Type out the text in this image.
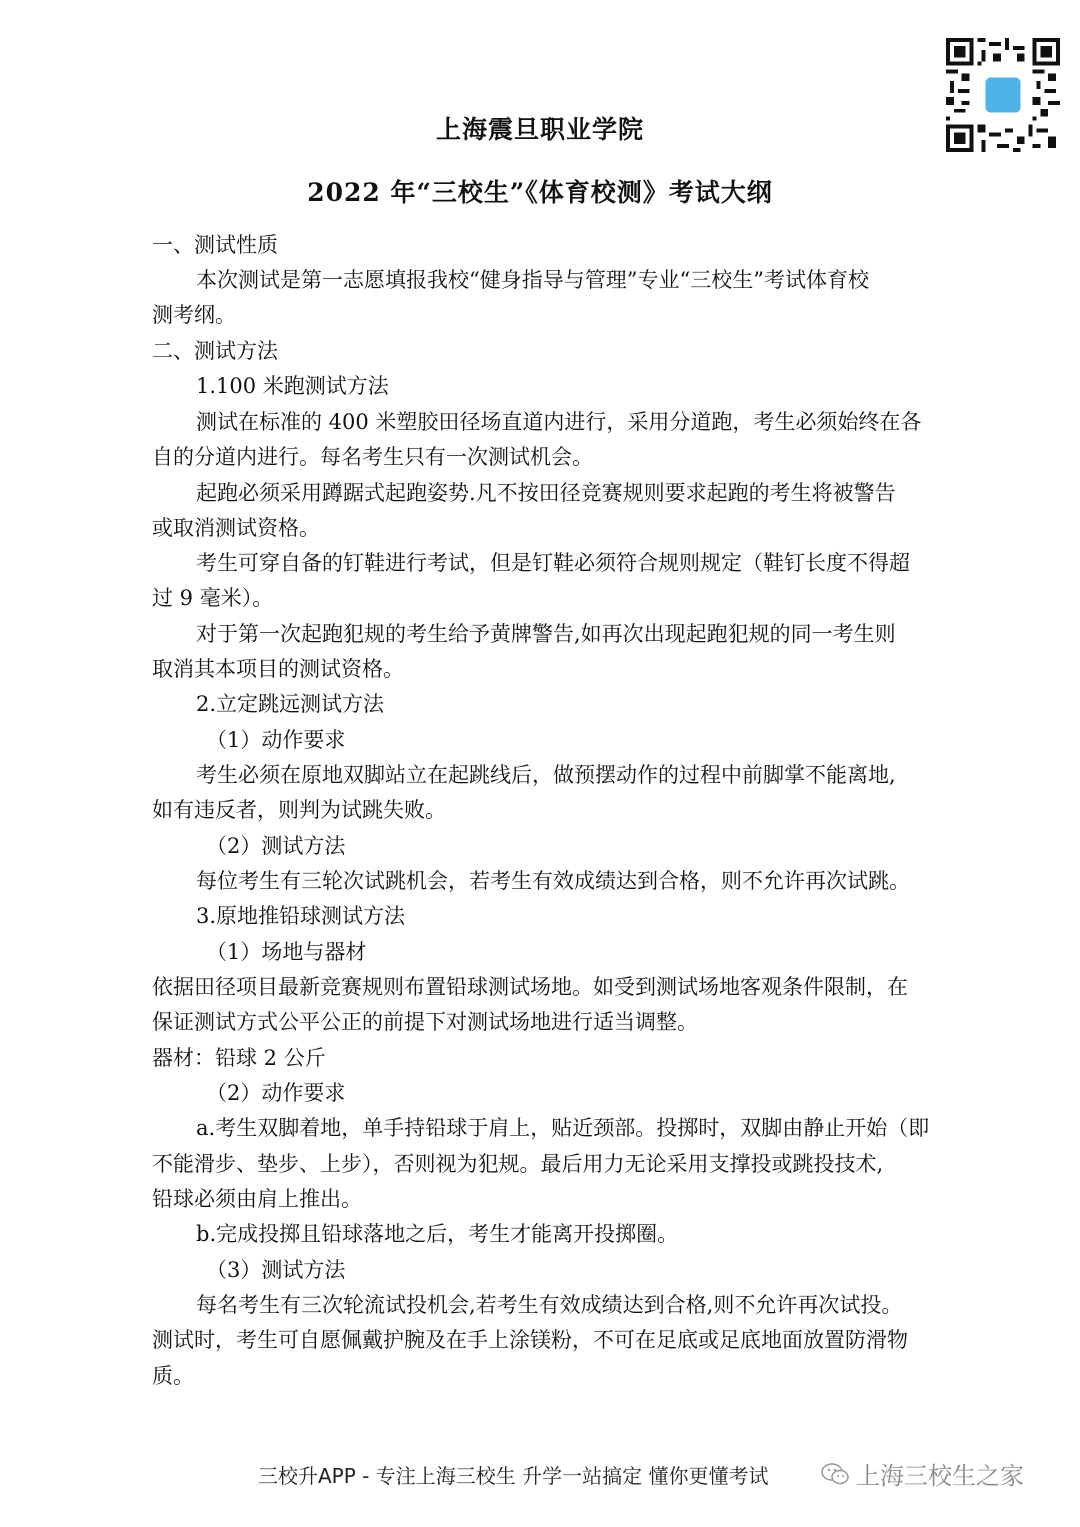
上海震旦职业学院
2022 年“三校生”《体育校测》考试大纲
一、测试性质
本次测试是第一志愿填报我校“健身指导与管理”专业“三校生”考试体育校
测考纲。
二、测试方法
1.100 米跑测试方法
测试在标准的 400 米塑胶田径场直道内进行，采用分道跑，考生必须始终在各
自的分道内进行。每名考生只有一次测试机会。
起跑必须采用蹲踞式起跑姿势.凡不按田径竞赛规则要求起跑的考生将被警告
或取消测试资格。
考生可穿自备的钉鞋进行考试，但是钉鞋必须符合规则规定（鞋钉长度不得超
过 9 毫米）。
对于第一次起跑犯规的考生给予黄牌警告,如再次出现起跑犯规的同一考生则
取消其本项目的测试资格。
2.立定跳远测试方法
（1）动作要求
考生必须在原地双脚站立在起跳线后，做预摆动作的过程中前脚掌不能离地,
如有违反者，则判为试跳失败。
（2）测试方法
每位考生有三轮次试跳机会，若考生有效成绩达到合格，则不允许再次试跳。
3.原地推铅球测试方法
（1）场地与器材
依据田径项目最新竞赛规则布置铅球测试场地。如受到测试场地客观条件限制，在
保证测试方式公平公正的前提下对测试场地进行适当调整。
器材：铅球 2 公斤
（2）动作要求
a.考生双脚着地，单手持铅球于肩上，贴近颈部。投掷时，双脚由静止开始（即
不能滑步、垫步、上步），否则视为犯规。最后用力无论采用支撑投或跳投技术,
铅球必须由肩上推出。
b.完成投掷且铅球落地之后，考生才能离开投掷圈。
（3）测试方法
每名考生有三次轮流试投机会,若考生有效成绩达到合格,则不允许再次试投。
测试时，考生可自愿佩戴护腕及在手上涂镁粉，不可在足底或足底地面放置防滑物
质。
三校升APP - 专注上海三校生 升学一站搞定 懂你更懂考试	上海三校生之家
